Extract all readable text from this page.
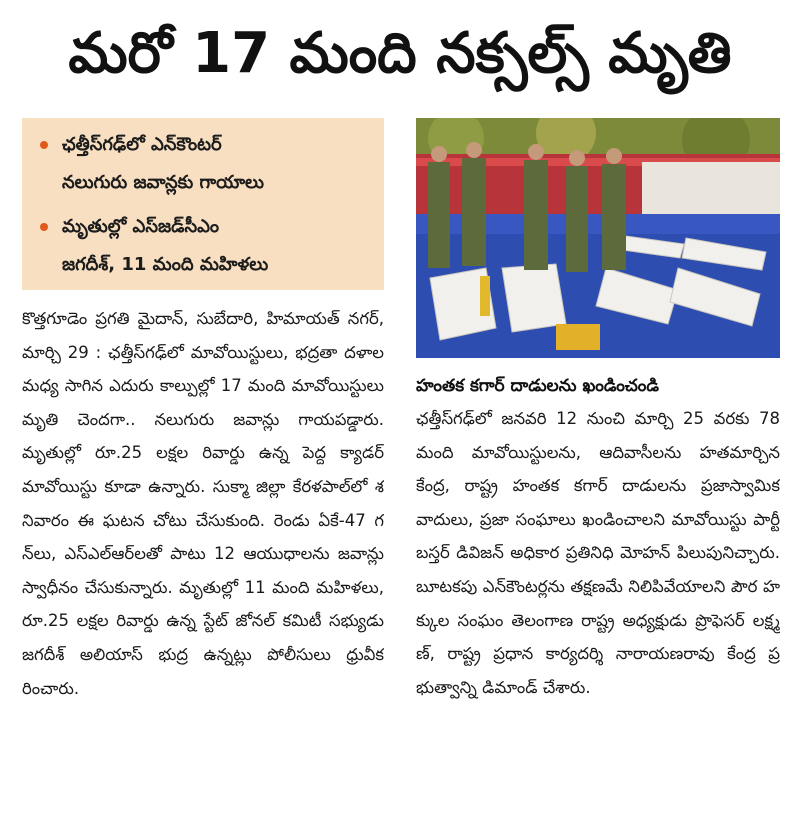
మరో 17 మంది నక్సల్స్ మృతి
ఛత్తీస్‌గఢ్‌లో ఎన్‌కౌంటర్
నలుగురు జవాన్లకు గాయాలు
మృతుల్లో ఎస్‌జడ్‌సీఎం
జగదీశ్, 11 మంది మహిళలు

కొత్తగూడెం ప్రగతి మైదాన్, సుబేదారి, హిమాయత్ నగర్, మార్చి 29 : ఛత్తీస్‌గఢ్‌లో మావోయిస్టులు, భద్రతా దళాల మధ్య సాగిన ఎదురు కాల్పుల్లో 17 మంది మావోయిస్టులు మృతి చెందగా.. నలుగురు జవాన్లు గాయపడ్డారు. మృతుల్లో రూ.25 లక్షల రివార్డు ఉన్న పెద్ద క్యాడర్ మావోయిస్టు కూడా ఉన్నారు. సుక్మా జిల్లా కేరళపాల్‌లో శనివారం ఈ ఘటన చోటు చేసుకుంది. రెండు ఏకే-47 గన్‌లు, ఎస్‌ఎల్‌ఆర్‌లతో పాటు 12 ఆయుధాలను జవాన్లు స్వాధీనం చేసుకున్నారు. మృతుల్లో 11 మంది మహిళలు, రూ.25 లక్షల రివార్డు ఉన్న స్టేట్ జోనల్ కమిటీ సభ్యుడు జగదీశ్ అలియాస్ భుద్ర ఉన్నట్లు పోలీసులు ధ్రువీకరించారు.

హంతక కగార్ దాడులను ఖండించండి

ఛత్తీస్‌గఢ్‌లో జనవరి 12 నుంచి మార్చి 25 వరకు 78 మంది మావోయిస్టులను, ఆదివాసీలను హతమార్చిన కేంద్ర, రాష్ట్ర హంతక కగార్ దాడులను ప్రజాస్వామిక వాదులు, ప్రజా సంఘాలు ఖండించాలని మావోయిస్టు పార్టీ బస్తర్ డివిజన్ అధికార ప్రతినిధి మోహన్ పిలుపునిచ్చారు. బూటకపు ఎన్‌కౌంటర్లను తక్షణమే నిలిపివేయాలని పౌర హక్కుల సంఘం తెలంగాణ రాష్ట్ర అధ్యక్షుడు ప్రొఫెసర్ లక్ష్మణ్, రాష్ట్ర ప్రధాన కార్యదర్శి నారాయణరావు కేంద్ర ప్రభుత్వాన్ని డిమాండ్ చేశారు.
